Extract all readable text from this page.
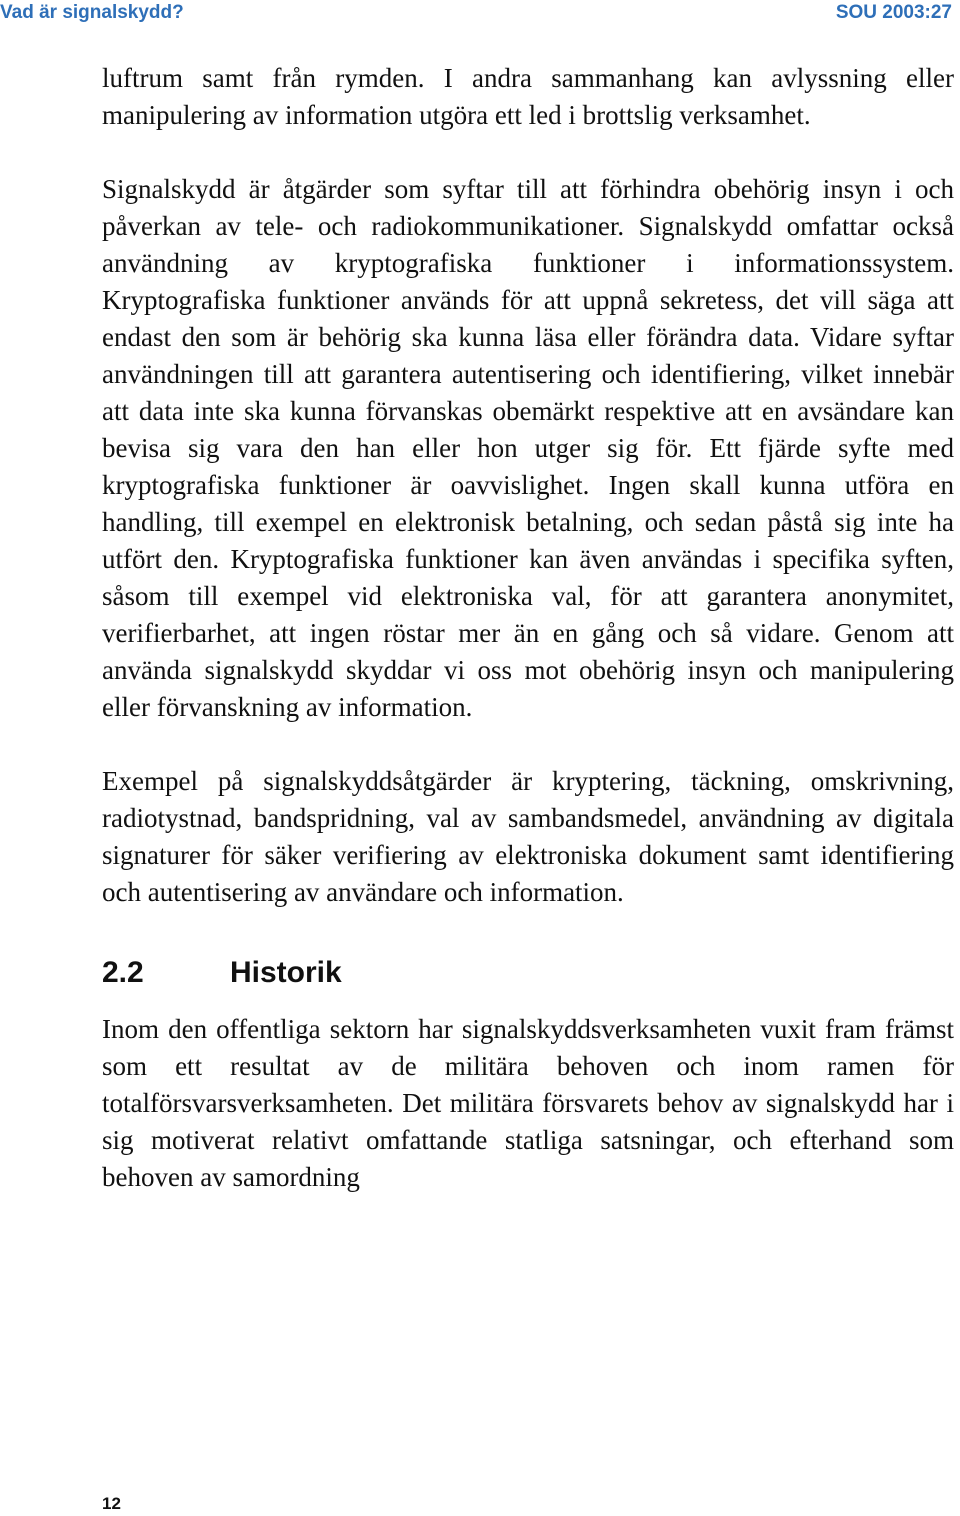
Vad är signalskydd?	SOU 2003:27

luftrum samt från rymden. I andra sammanhang kan avlyssning eller manipulering av information utgöra ett led i brottslig verksamhet.

Signalskydd är åtgärder som syftar till att förhindra obehörig insyn i och påverkan av tele- och radiokommunikationer. Signalskydd omfattar också användning av kryptografiska funktioner i informationssystem. Kryptografiska funktioner används för att uppnå sekretess, det vill säga att endast den som är behörig ska kunna läsa eller förändra data. Vidare syftar användningen till att garantera autentisering och identifiering, vilket innebär att data inte ska kunna förvanskas obemärkt respektive att en avsändare kan bevisa sig vara den han eller hon utger sig för. Ett fjärde syfte med kryptografiska funktioner är oavvislighet. Ingen skall kunna utföra en handling, till exempel en elektronisk betalning, och sedan påstå sig inte ha utfört den. Kryptografiska funktioner kan även användas i specifika syften, såsom till exempel vid elektroniska val, för att garantera anonymitet, verifierbarhet, att ingen röstar mer än en gång och så vidare. Genom att använda signalskydd skyddar vi oss mot obehörig insyn och manipulering eller förvanskning av information.

Exempel på signalskyddsåtgärder är kryptering, täckning, omskrivning, radiotystnad, bandspridning, val av sambandsmedel, användning av digitala signaturer för säker verifiering av elektroniska dokument samt identifiering och autentisering av användare och information.

2.2	Historik

Inom den offentliga sektorn har signalskyddsverksamheten vuxit fram främst som ett resultat av de militära behoven och inom ramen för totalförsvarsverksamheten. Det militära försvarets behov av signalskydd har i sig motiverat relativt omfattande statliga satsningar, och efterhand som behoven av samordning

12
